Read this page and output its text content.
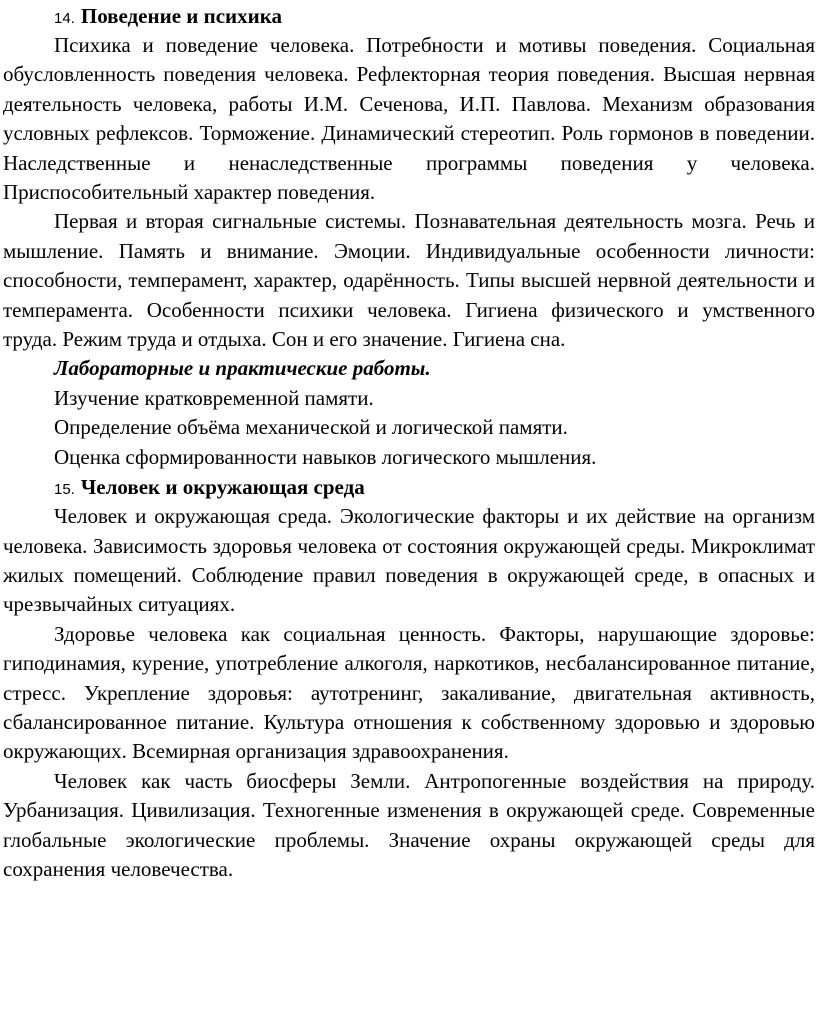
14. Поведение и психика

Психика и поведение человека. Потребности и мотивы поведения. Социальная обусловленность поведения человека. Рефлекторная теория поведения. Высшая нервная деятельность человека, работы И.М. Сеченова, И.П. Павлова. Механизм образования условных рефлексов. Торможение. Динамический стереотип. Роль гормонов в поведении. Наследственные и ненаследственные программы поведения у человека. Приспособительный характер поведения.

Первая и вторая сигнальные системы. Познавательная деятельность мозга. Речь и мышление. Память и внимание. Эмоции. Индивидуальные особенности личности: способности, темперамент, характер, одарённость. Типы высшей нервной деятельности и темперамента. Особенности психики человека. Гигиена физического и умственного труда. Режим труда и отдыха. Сон и его значение. Гигиена сна.

Лабораторные и практические работы.

Изучение кратковременной памяти.

Определение объёма механической и логической памяти.

Оценка сформированности навыков логического мышления.

15. Человек и окружающая среда

Человек и окружающая среда. Экологические факторы и их действие на организм человека. Зависимость здоровья человека от состояния окружающей среды. Микроклимат жилых помещений. Соблюдение правил поведения в окружающей среде, в опасных и чрезвычайных ситуациях.

Здоровье человека как социальная ценность. Факторы, нарушающие здоровье: гиподинамия, курение, употребление алкоголя, наркотиков, несбалансированное питание, стресс. Укрепление здоровья: аутотренинг, закаливание, двигательная активность, сбалансированное питание. Культура отношения к собственному здоровью и здоровью окружающих. Всемирная организация здравоохранения.

Человек как часть биосферы Земли. Антропогенные воздействия на природу. Урбанизация. Цивилизация. Техногенные изменения в окружающей среде. Современные глобальные экологические проблемы. Значение охраны окружающей среды для сохранения человечества.
